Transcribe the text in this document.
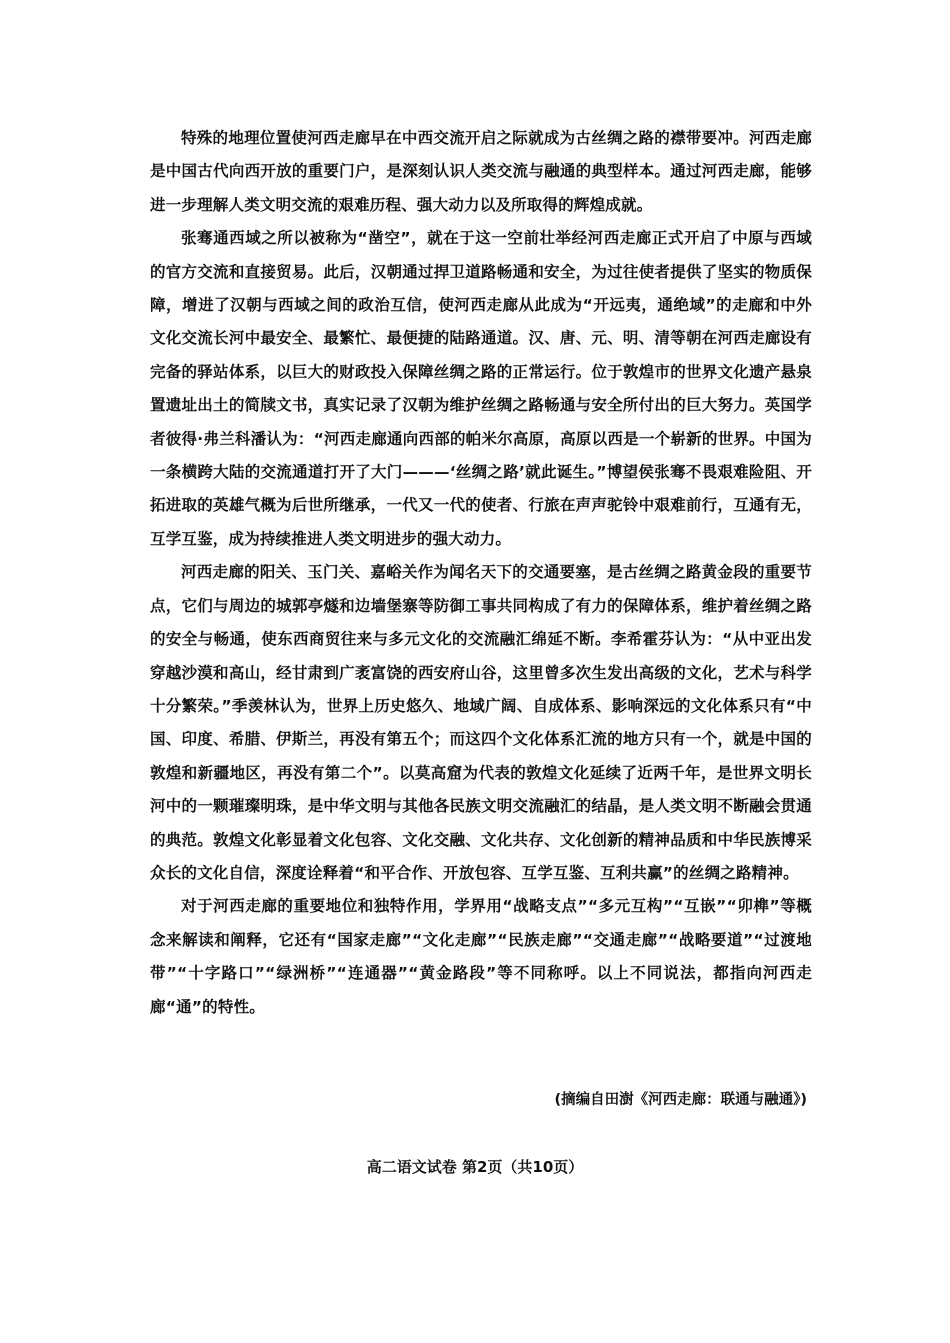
特殊的地理位置使河西走廊早在中西交流开启之际就成为古丝绸之路的襟带要冲。河西走廊是中国古代向西开放的重要门户，是深刻认识人类交流与融通的典型样本。通过河西走廊，能够进一步理解人类文明交流的艰难历程、强大动力以及所取得的辉煌成就。

张骞通西域之所以被称为“凿空”，就在于这一空前壮举经河西走廊正式开启了中原与西域的官方交流和直接贸易。此后，汉朝通过捍卫道路畅通和安全，为过往使者提供了坚实的物质保障，增进了汉朝与西域之间的政治互信，使河西走廊从此成为“开远夷，通绝域”的走廊和中外文化交流长河中最安全、最繁忙、最便捷的陆路通道。汉、唐、元、明、清等朝在河西走廊设有完备的驿站体系，以巨大的财政投入保障丝绸之路的正常运行。位于敦煌市的世界文化遗产悬泉置遗址出土的简牍文书，真实记录了汉朝为维护丝绸之路畅通与安全所付出的巨大努力。英国学者彼得·弗兰科潘认为：“河西走廊通向西部的帕米尔高原，高原以西是一个崭新的世界。中国为一条横跨大陆的交流通道打开了大门———‘丝绸之路’就此诞生。”博望侯张骞不畏艰难险阻、开拓进取的英雄气概为后世所继承，一代又一代的使者、行旅在声声驼铃中艰难前行，互通有无，互学互鉴，成为持续推进人类文明进步的强大动力。

河西走廊的阳关、玉门关、嘉峪关作为闻名天下的交通要塞，是古丝绸之路黄金段的重要节点，它们与周边的城郭亭燧和边墙堡寨等防御工事共同构成了有力的保障体系，维护着丝绸之路的安全与畅通，使东西商贸往来与多元文化的交流融汇绵延不断。李希霍芬认为：“从中亚出发穿越沙漠和高山，经甘肃到广袤富饶的西安府山谷，这里曾多次生发出高级的文化，艺术与科学十分繁荣。”季羡林认为，世界上历史悠久、地域广阔、自成体系、影响深远的文化体系只有“中国、印度、希腊、伊斯兰，再没有第五个；而这四个文化体系汇流的地方只有一个，就是中国的敦煌和新疆地区，再没有第二个”。以莫高窟为代表的敦煌文化延续了近两千年，是世界文明长河中的一颗璀璨明珠，是中华文明与其他各民族文明交流融汇的结晶，是人类文明不断融会贯通的典范。敦煌文化彰显着文化包容、文化交融、文化共存、文化创新的精神品质和中华民族博采众长的文化自信，深度诠释着“和平合作、开放包容、互学互鉴、互利共赢”的丝绸之路精神。

对于河西走廊的重要地位和独特作用，学界用“战略支点”“多元互构”“互嵌”“卯榫”等概念来解读和阐释，它还有“国家走廊”“文化走廊”“民族走廊”“交通走廊”“战略要道”“过渡地带”“十字路口”“绿洲桥”“连通器”“黄金路段”等不同称呼。以上不同说法，都指向河西走廊“通”的特性。

(摘编自田澍《河西走廊：联通与融通》)
高二语文试卷 第2页（共10页）
